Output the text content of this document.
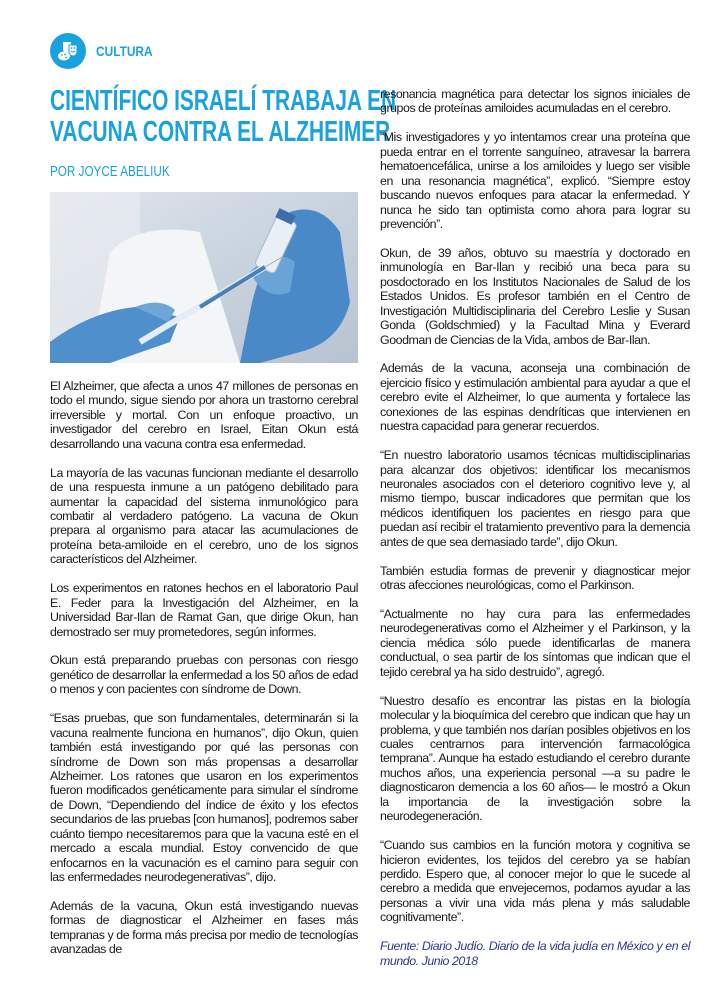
CULTURA
CIENTÍFICO ISRAELÍ TRABAJA EN
VACUNA CONTRA EL ALZHEIMER
POR JOYCE ABELIUK

El Alzheimer, que afecta a unos 47 millones de personas en todo el mundo, sigue siendo por ahora un trastorno cerebral irreversible y mortal. Con un enfoque proactivo, un investigador del cerebro en Israel, Eitan Okun está desarrollando una vacuna contra esa enfermedad.

La mayoría de las vacunas funcionan mediante el desarrollo de una respuesta inmune a un patógeno debilitado para aumentar la capacidad del sistema inmunológico para combatir al verdadero patógeno. La vacuna de Okun prepara al organismo para atacar las acumulaciones de proteína beta-amiloide en el cerebro, uno de los signos característicos del Alzheimer.

Los experimentos en ratones hechos en el laboratorio Paul E. Feder para la Investigación del Alzheimer, en la Universidad Bar-Ilan de Ramat Gan, que dirige Okun, han demostrado ser muy prometedores, según informes.

Okun está preparando pruebas con personas con riesgo genético de desarrollar la enfermedad a los 50 años de edad o menos y con pacientes con síndrome de Down.

“Esas pruebas, que son fundamentales, determinarán si la vacuna realmente funciona en humanos”, dijo Okun, quien también está investigando por qué las personas con síndrome de Down son más propensas a desarrollar Alzheimer. Los ratones que usaron en los experimentos fueron modificados genéticamente para simular el síndrome de Down, “Dependiendo del índice de éxito y los efectos secundarios de las pruebas [con humanos], podremos saber cuánto tiempo necesitaremos para que la vacuna esté en el mercado a escala mundial. Estoy convencido de que enfocarnos en la vacunación es el camino para seguir con las enfermedades neurodegenerativas”, dijo.

Además de la vacuna, Okun está investigando nuevas formas de diagnosticar el Alzheimer en fases más tempranas y de forma más precisa por medio de tecnologías avanzadas de

resonancia magnética para detectar los signos iniciales de grupos de proteínas amiloides acumuladas en el cerebro.

“Mis investigadores y yo intentamos crear una proteína que pueda entrar en el torrente sanguíneo, atravesar la barrera hematoencefálica, unirse a los amiloides y luego ser visible en una resonancia magnética”, explicó. “Siempre estoy buscando nuevos enfoques para atacar la enfermedad. Y nunca he sido tan optimista como ahora para lograr su prevención”.

Okun, de 39 años, obtuvo su maestría y doctorado en inmunología en Bar-Ilan y recibió una beca para su posdoctorado en los Institutos Nacionales de Salud de los Estados Unidos. Es profesor también en el Centro de Investigación Multidisciplinaria del Cerebro Leslie y Susan Gonda (Goldschmied) y la Facultad Mina y Everard Goodman de Ciencias de la Vida, ambos de Bar-Ilan.

Además de la vacuna, aconseja una combinación de ejercicio físico y estimulación ambiental para ayudar a que el cerebro evite el Alzheimer, lo que aumenta y fortalece las conexiones de las espinas dendríticas que intervienen en nuestra capacidad para generar recuerdos.

“En nuestro laboratorio usamos técnicas multidisciplinarias para alcanzar dos objetivos: identificar los mecanismos neuronales asociados con el deterioro cognitivo leve y, al mismo tiempo, buscar indicadores que permitan que los médicos identifiquen los pacientes en riesgo para que puedan así recibir el tratamiento preventivo para la demencia antes de que sea demasiado tarde”, dijo Okun.

También estudia formas de prevenir y diagnosticar mejor otras afecciones neurológicas, como el Parkinson.

“Actualmente no hay cura para las enfermedades neurodegenerativas como el Alzheimer y el Parkinson, y la ciencia médica sólo puede identificarlas de manera conductual, o sea partir de los síntomas que indican que el tejido cerebral ya ha sido destruido”, agregó.

“Nuestro desafío es encontrar las pistas en la biología molecular y la bioquímica del cerebro que indican que hay un problema, y que también nos darían posibles objetivos en los cuales centrarnos para intervención farmacológica temprana”. Aunque ha estado estudiando el cerebro durante muchos años, una experiencia personal —a su padre le diagnosticaron demencia a los 60 años— le mostró a Okun la importancia de la investigación sobre la neurodegeneración.

“Cuando sus cambios en la función motora y cognitiva se hicieron evidentes, los tejidos del cerebro ya se habían perdido. Espero que, al conocer mejor lo que le sucede al cerebro a medida que envejecemos, podamos ayudar a las personas a vivir una vida más plena y más saludable cognitivamente”.

Fuente: Diario Judío. Diario de la vida judía en México y en el mundo. Junio 2018
